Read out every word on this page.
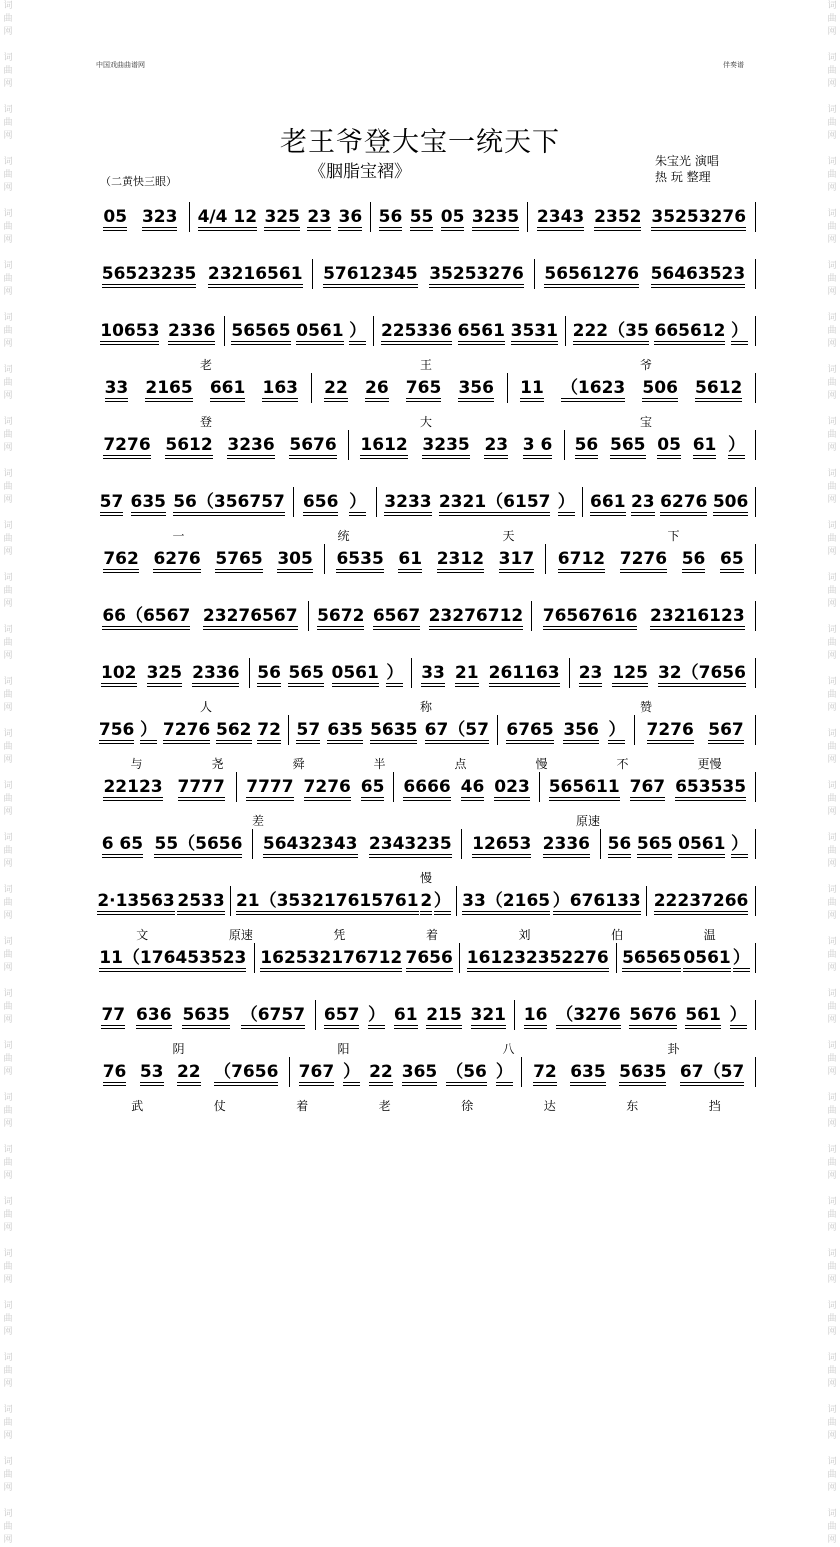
词
曲
网

词
曲
网

词
曲
网

词
曲
网

词
曲
网

词
曲
网

词
曲
网

词
曲
网

词
曲
网

词
曲
网

词
曲
网

词
曲
网

词
曲
网

词
曲
网

词
曲
网

词
曲
网

词
曲
网

词
曲
网

词
曲
网

词
曲
网

词
曲
网

词
曲
网

词
曲
网

词
曲
网

词
曲
网

词
曲
网

词
曲
网

词
曲
网

词
曲
网

词
曲
网
词
曲
网

词
曲
网

词
曲
网

词
曲
网

词
曲
网

词
曲
网

词
曲
网

词
曲
网

词
曲
网

词
曲
网

词
曲
网

词
曲
网

词
曲
网

词
曲
网

词
曲
网

词
曲
网

词
曲
网

词
曲
网

词
曲
网

词
曲
网

词
曲
网

词
曲
网

词
曲
网

词
曲
网

词
曲
网

词
曲
网

词
曲
网

词
曲
网

词
曲
网

词
曲
网
中国戏曲曲谱网	伴奏谱
老王爷登大宝一统天下
《胭脂宝褶》
朱宝光 演唱
热 玩 整理
（二黄快三眼）
05 323 4/4 12 325 23 36 56 55 05 3235 2343 2352 35253276
56523235 23216561 57612345 35253276 56561276 56463523
10653 2336 56565 0561 ） 225336 6561 3531 222（35 665612 ）
老	王	爷
33 2165 661 163 22 26 765 356 11 （1623 506 5612
登	大	宝
7276 5612 3236 5676 1612 3235 23 3 6 56 565 05 61 ）
57 635 56（356757 656 ） 3233 2321（6157 ） 661 23 6276 506
一	统	天	下
762 6276 5765 305 6535 61 2312 317 6712 7276 56 65
66（6567 23276567 5672 6567 23276712 76567616 23216123
102 325 2336 56 565 0561 ） 33 21 261163 23 125 32（7656
人	称	赞
756 ） 7276 562 72 57 635 5635 67（57 6765 356 ） 7276 567
与	尧	舜	半	点	慢	不	更慢
22123 7777 7777 7276 65 6666 46 023 565611 767 653535
差	原速
6 65 55（5656 56432343 2343235 12653 2336 56 565 0561 ）
慢
2·13563 2533 21（353217615761 2 ） 33（2165 ）676133 22237266
文	原速	凭	着	刘	伯	温
11（176453523 162532176712 7656 161232352276 56565 0561 ）
77 636 5635 （6757 657 ） 61 215 321 16 （3276 5676 561 ）
阴	阳	八	卦
76 53 22 （7656 767 ） 22 365 （56 ） 72 635 5635 67（57
武	仗	着	老	徐	达	东	挡
